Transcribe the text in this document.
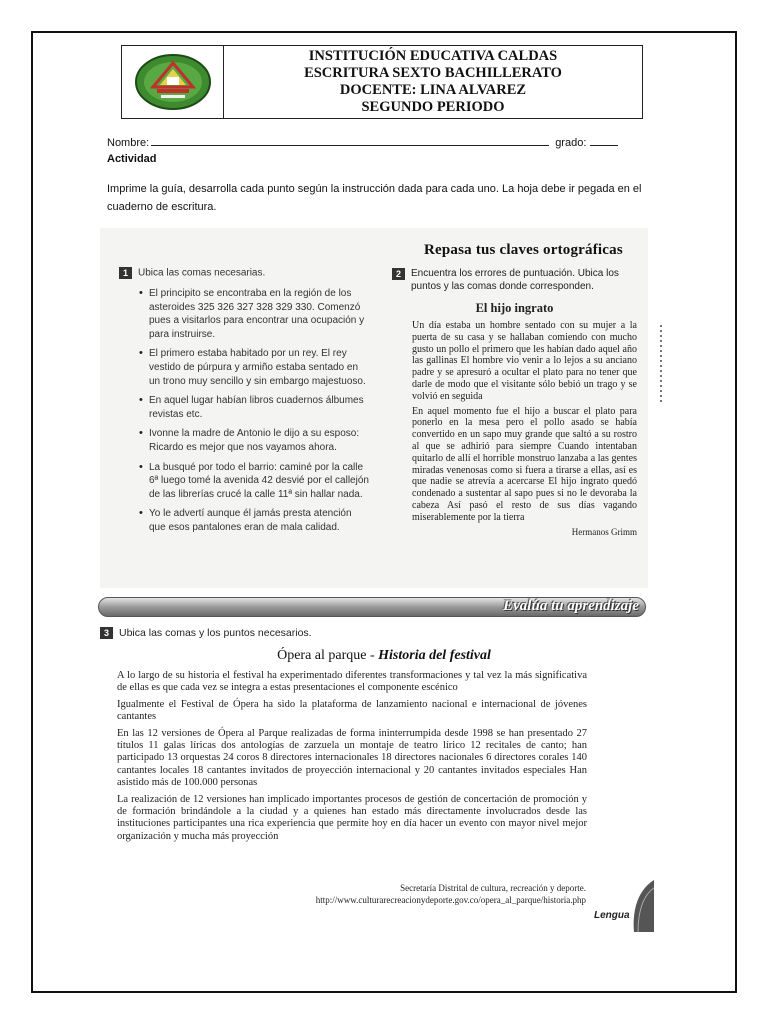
INSTITUCIÓN EDUCATIVA CALDAS
ESCRITURA SEXTO BACHILLERATO
DOCENTE: LINA ALVAREZ
SEGUNDO PERIODO
Nombre:	grado:
Actividad
Imprime la guía, desarrolla cada punto según la instrucción dada para cada uno. La hoja debe ir pegada en el cuaderno de escritura.
Repasa tus claves ortográficas
1 Ubica las comas necesarias.
• El principito se encontraba en la región de los asteroides 325 326 327 328 329 330. Comenzó pues a visitarlos para encontrar una ocupación y para instruirse.
• El primero estaba habitado por un rey. El rey vestido de púrpura y armiño estaba sentado en un trono muy sencillo y sin embargo majestuoso.
• En aquel lugar habían libros cuadernos álbumes revistas etc.
• Ivonne la madre de Antonio le dijo a su esposo: Ricardo es mejor que nos vayamos ahora.
• La busqué por todo el barrio: caminé por la calle 6ª luego tomé la avenida 42 desvié por el callejón de las librerías crucé la calle 11ª sin hallar nada.
• Yo le advertí aunque él jamás presta atención que esos pantalones eran de mala calidad.
2	Encuentra los errores de puntuación. Ubica los puntos y las comas donde corresponden.
El hijo ingrato

Un día estaba un hombre sentado con su mujer a la puerta de su casa y se hallaban comiendo con mucho gusto un pollo el primero que les habían dado aquel año las gallinas El hombre vio venir a lo lejos a su anciano padre y se apresuró a ocultar el plato para no tener que darle de modo que el visitante sólo bebió un trago y se volvió en seguida

En aquel momento fue el hijo a buscar el plato para ponerlo en la mesa pero el pollo asado se había convertido en un sapo muy grande que saltó a su rostro al que se adhirió para siempre Cuando intentaban quitarlo de allí el horrible monstruo lanzaba a las gentes miradas venenosas como si fuera a tirarse a ellas, así es que nadie se atrevía a acercarse El hijo ingrato quedó condenado a sustentar al sapo pues si no le devoraba la cabeza Así pasó el resto de sus días vagando miserablemente por la tierra

Hermanos Grimm
Evalúa tu aprendizaje
3 Ubica las comas y los puntos necesarios.
Ópera al parque - Historia del festival

A lo largo de su historia el festival ha experimentado diferentes transformaciones y tal vez la más significativa de ellas es que cada vez se integra a estas presentaciones el componente escénico

Igualmente el Festival de Ópera ha sido la plataforma de lanzamiento nacional e internacional de jóvenes cantantes

En las 12 versiones de Ópera al Parque realizadas de forma ininterrumpida desde 1998 se han presentado 27 títulos 11 galas líricas dos antologías de zarzuela un montaje de teatro lírico 12 recitales de canto; han participado 13 orquestas 24 coros 8 directores internacionales 18 directores nacionales 6 directores corales 140 cantantes locales 18 cantantes invitados de proyección internacional y 20 cantantes invitados especiales Han asistido más de 100.000 personas

La realización de 12 versiones han implicado importantes procesos de gestión de concertación de promoción y de formación brindándole a la ciudad y a quienes han estado más directamente involucrados desde las instituciones participantes una rica experiencia que permite hoy en día hacer un evento con mayor nivel mejor organización y mucha más proyección

Secretaría Distrital de cultura, recreación y deporte.
http://www.culturarecreacionydeporte.gov.co/opera_al_parque/historia.php
Lengua
